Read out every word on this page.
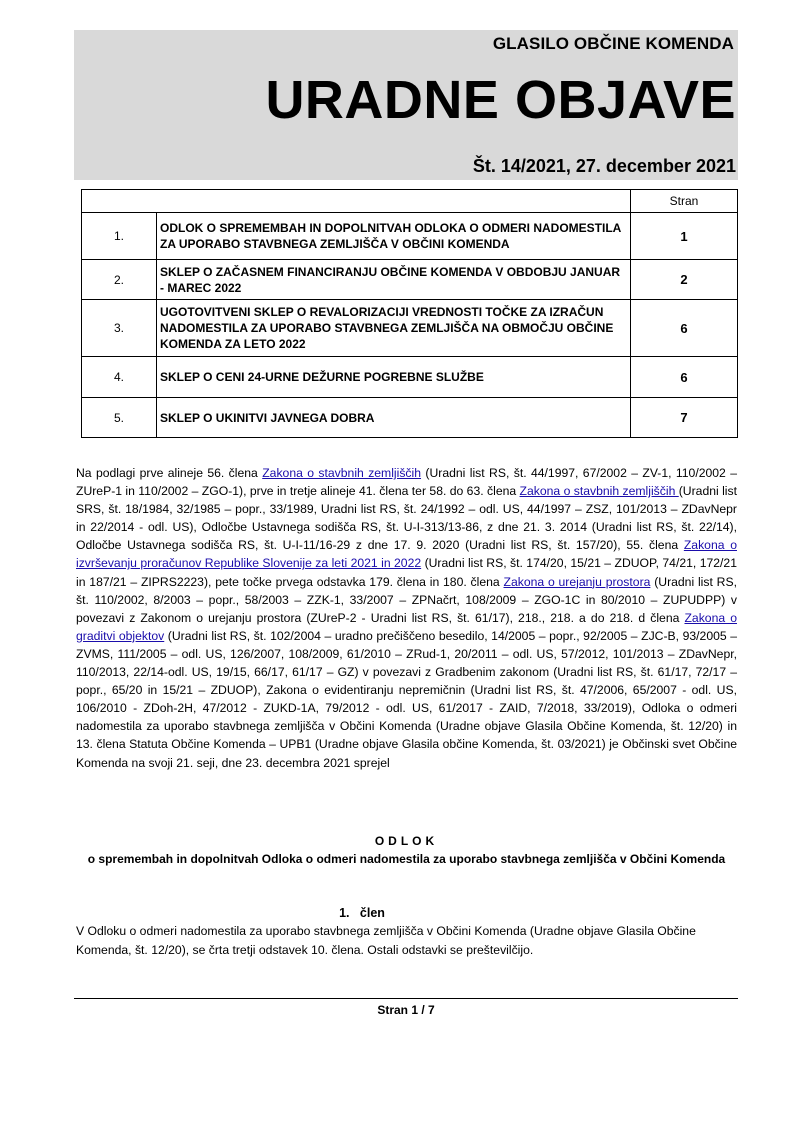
GLASILO OBČINE KOMENDA
URADNE OBJAVE
Št. 14/2021, 27. december 2021
		Stran
1.	ODLOK O SPREMEMBAH IN DOPOLNITVAH ODLOKA O ODMERI NADOMESTILA ZA UPORABO STAVBNEGA ZEMLJIŠČA V OBČINI KOMENDA	1
2.	SKLEP O ZAČASNEM FINANCIRANJU OBČINE KOMENDA V OBDOBJU JANUAR - MAREC 2022	2
3.	UGOTOVITVENI SKLEP O REVALORIZACIJI VREDNOSTI TOČKE ZA IZRAČUN NADOMESTILA ZA UPORABO STAVBNEGA ZEMLJIŠČA NA OBMOČJU OBČINE KOMENDA ZA LETO 2022	6
4.	SKLEP O CENI 24-URNE DEŽURNE POGREBNE SLUŽBE	6
5.	SKLEP O UKINITVI JAVNEGA DOBRA	7
Na podlagi prve alineje 56. člena Zakona o stavbnih zemljiščih (Uradni list RS, št. 44/1997, 67/2002 – ZV-1, 110/2002 – ZUreP-1 in 110/2002 – ZGO-1), prve in tretje alineje 41. člena ter 58. do 63. člena Zakona o stavbnih zemljiščih (Uradni list SRS, št. 18/1984, 32/1985 – popr., 33/1989, Uradni list RS, št. 24/1992 – odl. US, 44/1997 – ZSZ, 101/2013 – ZDavNepr in 22/2014 - odl. US), Odločbe Ustavnega sodišča RS, št. U-I-313/13-86, z dne 21. 3. 2014 (Uradni list RS, št. 22/14), Odločbe Ustavnega sodišča RS, št. U-I-11/16-29 z dne 17. 9. 2020 (Uradni list RS, št. 157/20), 55. člena Zakona o izvrševanju proračunov Republike Slovenije za leti 2021 in 2022 (Uradni list RS, št. 174/20, 15/21 – ZDUOP, 74/21, 172/21 in 187/21 – ZIPRS2223), pete točke prvega odstavka 179. člena in 180. člena Zakona o urejanju prostora (Uradni list RS, št. 110/2002, 8/2003 – popr., 58/2003 – ZZK-1, 33/2007 – ZPNačrt, 108/2009 – ZGO-1C in 80/2010 – ZUPUDPP) v povezavi z Zakonom o urejanju prostora (ZUreP-2 - Uradni list RS, št. 61/17), 218., 218. a do 218. d člena Zakona o graditvi objektov (Uradni list RS, št. 102/2004 – uradno prečiščeno besedilo, 14/2005 – popr., 92/2005 – ZJC-B, 93/2005 – ZVMS, 111/2005 – odl. US, 126/2007, 108/2009, 61/2010 – ZRud-1, 20/2011 – odl. US, 57/2012, 101/2013 – ZDavNepr, 110/2013, 22/14-odl. US, 19/15, 66/17, 61/17 – GZ) v povezavi z Gradbenim zakonom (Uradni list RS, št. 61/17, 72/17 – popr., 65/20 in 15/21 – ZDUOP), Zakona o evidentiranju nepremičnin (Uradni list RS, št. 47/2006, 65/2007 - odl. US, 106/2010 - ZDoh-2H, 47/2012 - ZUKD-1A, 79/2012 - odl. US, 61/2017 - ZAID, 7/2018, 33/2019), Odloka o odmeri nadomestila za uporabo stavbnega zemljišča v Občini Komenda (Uradne objave Glasila Občine Komenda, št. 12/20) in 13. člena Statuta Občine Komenda – UPB1 (Uradne objave Glasila občine Komenda, št. 03/2021) je Občinski svet Občine Komenda na svoji 21. seji, dne 23. decembra 2021 sprejel
ODLOK
o spremembah in dopolnitvah Odloka o odmeri nadomestila za uporabo stavbnega zemljišča v Občini Komenda
1.   člen
V Odloku o odmeri nadomestila za uporabo stavbnega zemljišča v Občini Komenda (Uradne objave Glasila Občine Komenda, št. 12/20), se črta tretji odstavek 10. člena. Ostali odstavki se preštevilčijo.
Stran 1 / 7
